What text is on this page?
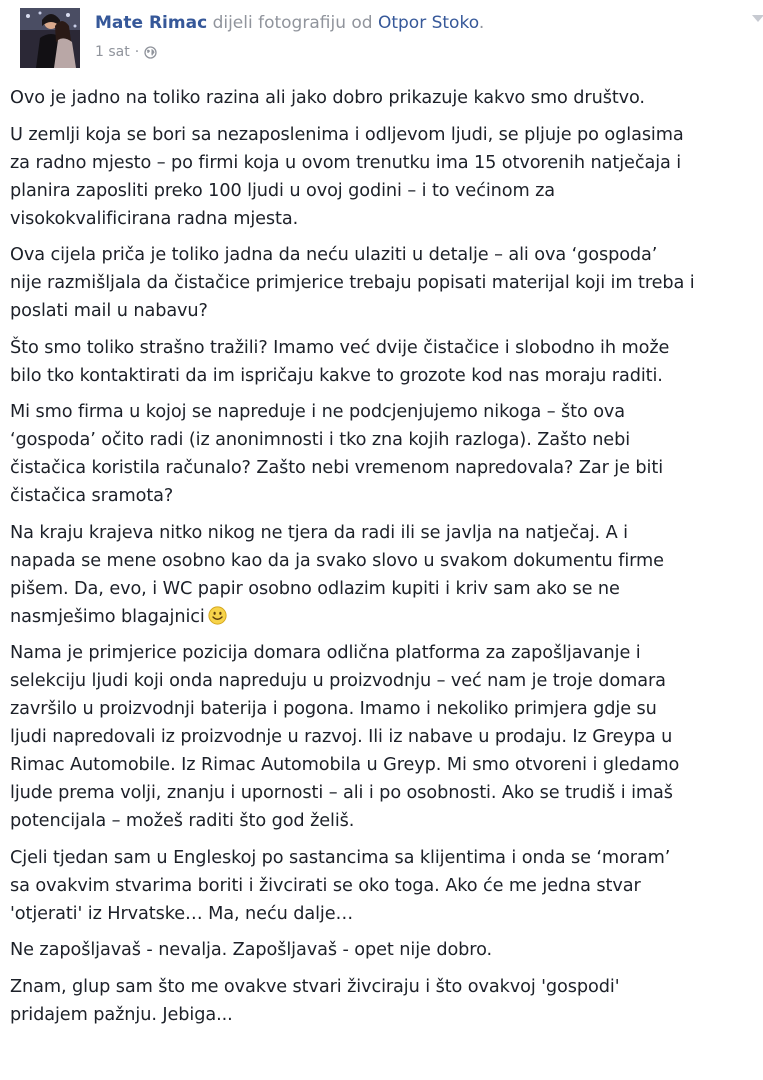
Mate Rimac dijeli fotografiju od Otpor Stoko.
1 sat ·

Ovo je jadno na toliko razina ali jako dobro prikazuje kakvo smo društvo.

U zemlji koja se bori sa nezaposlenima i odljevom ljudi, se pljuje po oglasima
za radno mjesto – po firmi koja u ovom trenutku ima 15 otvorenih natječaja i
planira zaposliti preko 100 ljudi u ovoj godini – i to većinom za
visokokvalificirana radna mjesta.

Ova cijela priča je toliko jadna da neću ulaziti u detalje – ali ova ‘gospoda’
nije razmišljala da čistačice primjerice trebaju popisati materijal koji im treba i
poslati mail u nabavu?

Što smo toliko strašno tražili? Imamo već dvije čistačice i slobodno ih može
bilo tko kontaktirati da im ispričaju kakve to grozote kod nas moraju raditi.

Mi smo firma u kojoj se napreduje i ne podcjenjujemo nikoga – što ova
‘gospoda’ očito radi (iz anonimnosti i tko zna kojih razloga). Zašto nebi
čistačica koristila računalo? Zašto nebi vremenom napredovala? Zar je biti
čistačica sramota?

Na kraju krajeva nitko nikog ne tjera da radi ili se javlja na natječaj. A i
napada se mene osobno kao da ja svako slovo u svakom dokumentu firme
pišem. Da, evo, i WC papir osobno odlazim kupiti i kriv sam ako se ne
nasmješimo blagajnici

Nama je primjerice pozicija domara odlična platforma za zapošljavanje i
selekciju ljudi koji onda napreduju u proizvodnju – već nam je troje domara
završilo u proizvodnji baterija i pogona. Imamo i nekoliko primjera gdje su
ljudi napredovali iz proizvodnje u razvoj. Ili iz nabave u prodaju. Iz Greypa u
Rimac Automobile. Iz Rimac Automobila u Greyp. Mi smo otvoreni i gledamo
ljude prema volji, znanju i upornosti – ali i po osobnosti. Ako se trudiš i imaš
potencijala – možeš raditi što god želiš.

Cjeli tjedan sam u Engleskoj po sastancima sa klijentima i onda se ‘moram’
sa ovakvim stvarima boriti i živcirati se oko toga. Ako će me jedna stvar
'otjerati' iz Hrvatske… Ma, neću dalje…

Ne zapošljavaš - nevalja. Zapošljavaš - opet nije dobro.

Znam, glup sam što me ovakve stvari živciraju i što ovakvoj 'gospodi'
pridajem pažnju. Jebiga...
